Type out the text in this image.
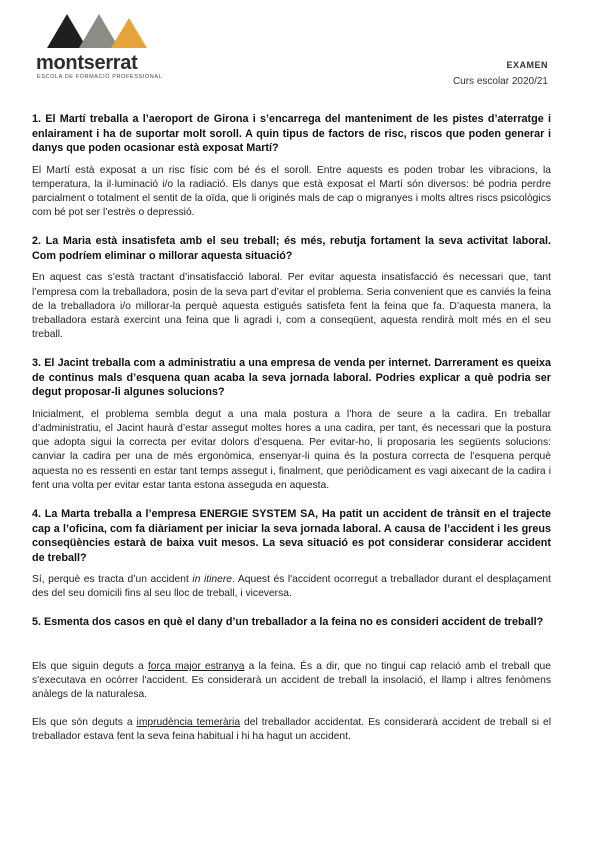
montserrat
ESCOLA DE FORMACIÓ PROFESSIONAL
EXAMEN
Curs escolar 2020/21

1. El Martí treballa a l’aeroport de Girona i s’encarrega del manteniment de les pistes d’aterratge i enlairament i ha de suportar molt soroll. A quin tipus de factors de risc, riscos que poden generar i danys que poden ocasionar està exposat Martí?

El Martí està exposat a un risc físic com bé és el soroll. Entre aquests es poden trobar les vibracions, la temperatura, la il·luminació i/o la radiació. Els danys que està exposat el Martí són diversos: bé podria perdre parcialment o totalment el sentit de la oïda, que li originés mals de cap o migranyes i molts altres riscs psicològics com bé pot ser l’estrès o depressió.

2. La Maria està insatisfeta amb el seu treball; és més, rebutja fortament la seva activitat laboral. Com podríem eliminar o millorar aquesta situació?

En aquest cas s’està tractant d’insatisfacció laboral. Per evitar aquesta insatisfacció és necessari que, tant l’empresa com la treballadora, posin de la seva part d’evitar el problema. Seria convenient que es canviés la feina de la treballadora i/o millorar-la perquè aquesta estigués satisfeta fent la feina que fa. D’aquesta manera, la treballadora estarà exercint una feina que li agradi i, com a conseqüent, aquesta rendirà molt més en el seu treball.

3. El Jacint treballa com a administratiu a una empresa de venda per internet. Darrerament es queixa de continus mals d’esquena quan acaba la seva jornada laboral. Podries explicar a què podria ser degut proposar-li algunes solucions?

Inicialment, el problema sembla degut a una mala postura a l’hora de seure a la cadira. En treballar d’administratiu, el Jacint haurà d’estar assegut moltes hores a una cadira, per tant, és necessari que la postura que adopta sigui la correcta per evitar dolors d’esquena. Per evitar-ho, li proposaria les següents solucions: canviar la cadira per una de més ergonòmica, ensenyar-li quina és la postura correcta de l’esquena perquè aquesta no es ressenti en estar tant temps assegut i, finalment, que periòdicament es vagi aixecant de la cadira i fent una volta per evitar estar tanta estona asseguda en aquesta.

4. La Marta treballa a l’empresa ENERGIE SYSTEM SA, Ha patit un accident de trànsit en el trajecte cap a l’oficina, com fa diàriament per iniciar la seva jornada laboral. A causa de l’accident i les greus conseqüències estarà de baixa vuit mesos. La seva situació es pot considerar considerar accident de treball?

Sí, perquè es tracta d’un accident in itinere. Aquest és l'accident ocorregut a treballador durant el desplaçament des del seu domicili fins al seu lloc de treball, i viceversa.

5. Esmenta dos casos en què el dany d’un treballador a la feina no es consideri accident de treball?

Els que siguin deguts a força major estranya a la feina. És a dir, que no tingui cap relació amb el treball que s'executava en ocórrer l'accident. Es considerarà un accident de treball la insolació, el llamp i altres fenòmens anàlegs de la naturalesa.

Els que són deguts a imprudència temerària del treballador accidentat. Es considerarà accident de treball si el treballador estava fent la seva feina habitual i hi ha hagut un accident.
